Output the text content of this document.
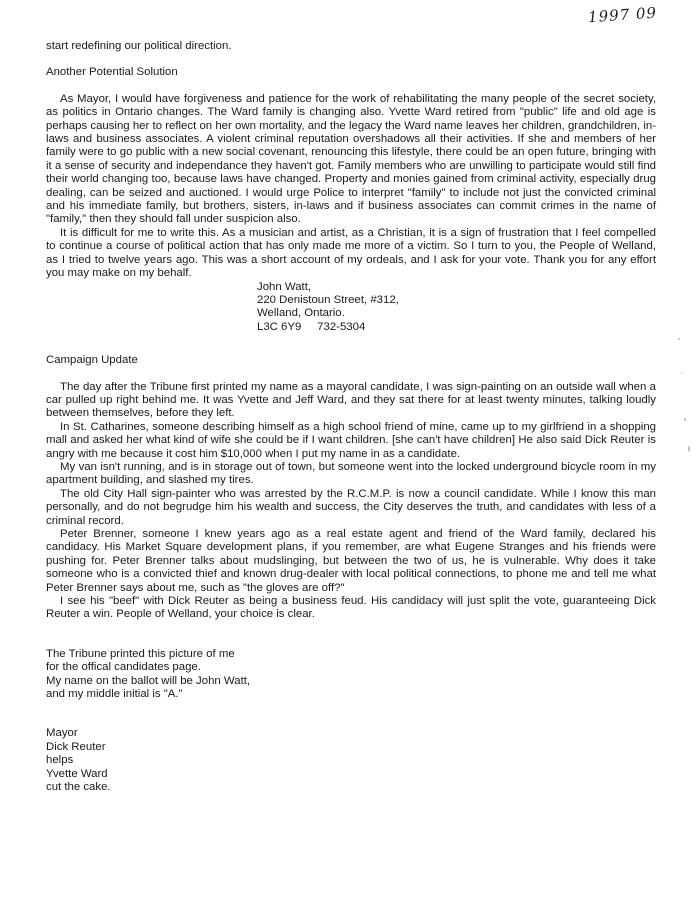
1997 09

start redefining our political direction.

Another Potential Solution

As Mayor, I would have forgiveness and patience for the work of rehabilitating the many people of the secret society, as politics in Ontario changes. The Ward family is changing also. Yvette Ward retired from "public" life and old age is perhaps causing her to reflect on her own mortality, and the legacy the Ward name leaves her children, grandchildren, in-laws and business associates. A violent criminal reputation overshadows all their activities. If she and members of her family were to go public with a new social covenant, renouncing this lifestyle, there could be an open future, bringing with it a sense of security and independance they haven't got. Family members who are unwilling to participate would still find their world changing too, because laws have changed. Property and monies gained from criminal activity, especially drug dealing, can be seized and auctioned. I would urge Police to interpret "family" to include not just the convicted criminal and his immediate family, but brothers, sisters, in-laws and if business associates can commit crimes in the name of "family," then they should fall under suspicion also.

It is difficult for me to write this. As a musician and artist, as a Christian, it is a sign of frustration that I feel compelled to continue a course of political action that has only made me more of a victim. So I turn to you, the People of Welland, as I tried to twelve years ago. This was a short account of my ordeals, and I ask for your vote. Thank you for any effort you may make on my behalf.

John Watt,
220 Denistoun Street, #312,
Welland, Ontario.
L3C 6Y9     732-5304

Campaign Update

The day after the Tribune first printed my name as a mayoral candidate, I was sign-painting on an outside wall when a car pulled up right behind me. It was Yvette and Jeff Ward, and they sat there for at least twenty minutes, talking loudly between themselves, before they left.

In St. Catharines, someone describing himself as a high school friend of mine, came up to my girlfriend in a shopping mall and asked her what kind of wife she could be if I want children. [she can't have children] He also said Dick Reuter is angry with me because it cost him $10,000 when I put my name in as a candidate.

My van isn't running, and is in storage out of town, but someone went into the locked underground bicycle room in my apartment building, and slashed my tires.

The old City Hall sign-painter who was arrested by the R.C.M.P. is now a council candidate. While I know this man personally, and do not begrudge him his wealth and success, the City deserves the truth, and candidates with less of a criminal record.

Peter Brenner, someone I knew years ago as a real estate agent and friend of the Ward family, declared his candidacy. His Market Square development plans, if you remember, are what Eugene Stranges and his friends were pushing for. Peter Brenner talks about mudslinging, but between the two of us, he is vulnerable. Why does it take someone who is a convicted thief and known drug-dealer with local political connections, to phone me and tell me what Peter Brenner says about me, such as "the gloves are off?"

I see his "beef" with Dick Reuter as being a business feud. His candidacy will just split the vote, guaranteeing Dick Reuter a win. People of Welland, your choice is clear.

The Tribune printed this picture of me
for the offical candidates page.
My name on the ballot will be John Watt,
and my middle initial is "A."
Mayor
Dick Reuter
helps
Yvette Ward
cut the cake.
